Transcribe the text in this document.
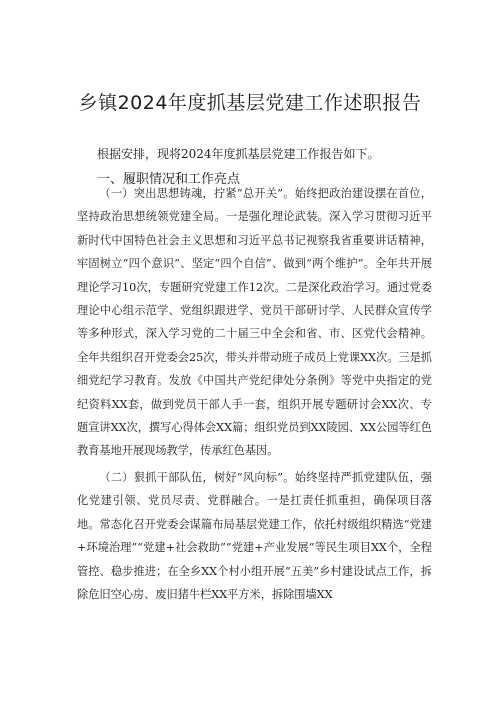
乡镇2024年度抓基层党建工作述职报告
根据安排，现将2024年度抓基层党建工作报告如下。
一、履职情况和工作亮点

（一）突出思想铸魂，拧紧“总开关”。始终把政治建设摆在首位，坚持政治思想统领党建全局。一是强化理论武装。深入学习贯彻习近平新时代中国特色社会主义思想和习近平总书记视察我省重要讲话精神，牢固树立“四个意识”、坚定“四个自信”、做到“两个维护”。全年共开展理论学习10次，专题研究党建工作12次。二是深化政治学习。通过党委理论中心组示范学、党组织跟进学、党员干部研讨学、人民群众宣传学等多种形式，深入学习党的二十届三中全会和省、市、区党代会精神。全年共组织召开党委会25次，带头并带动班子成员上党课XX次。三是抓细党纪学习教育。发放《中国共产党纪律处分条例》等党中央指定的党纪资料XX套，做到党员干部人手一套，组织开展专题研讨会XX次、专题宣讲XX次，撰写心得体会XX篇；组织党员到XX陵园、XX公园等红色教育基地开展现场教学，传承红色基因。

（二）狠抓干部队伍，树好“风向标”。始终坚持严抓党建队伍，强化党建引领、党员尽责、党群融合。一是扛责任抓重担，确保项目落地。常态化召开党委会谋篇布局基层党建工作，依托村级组织精选“党建+环境治理”“党建+社会救助”“党建+产业发展”等民生项目XX个，全程管控、稳步推进；在全乡XX个村小组开展“五美”乡村建设试点工作，拆除危旧空心房、废旧猪牛栏XX平方米，拆除围墙XX
